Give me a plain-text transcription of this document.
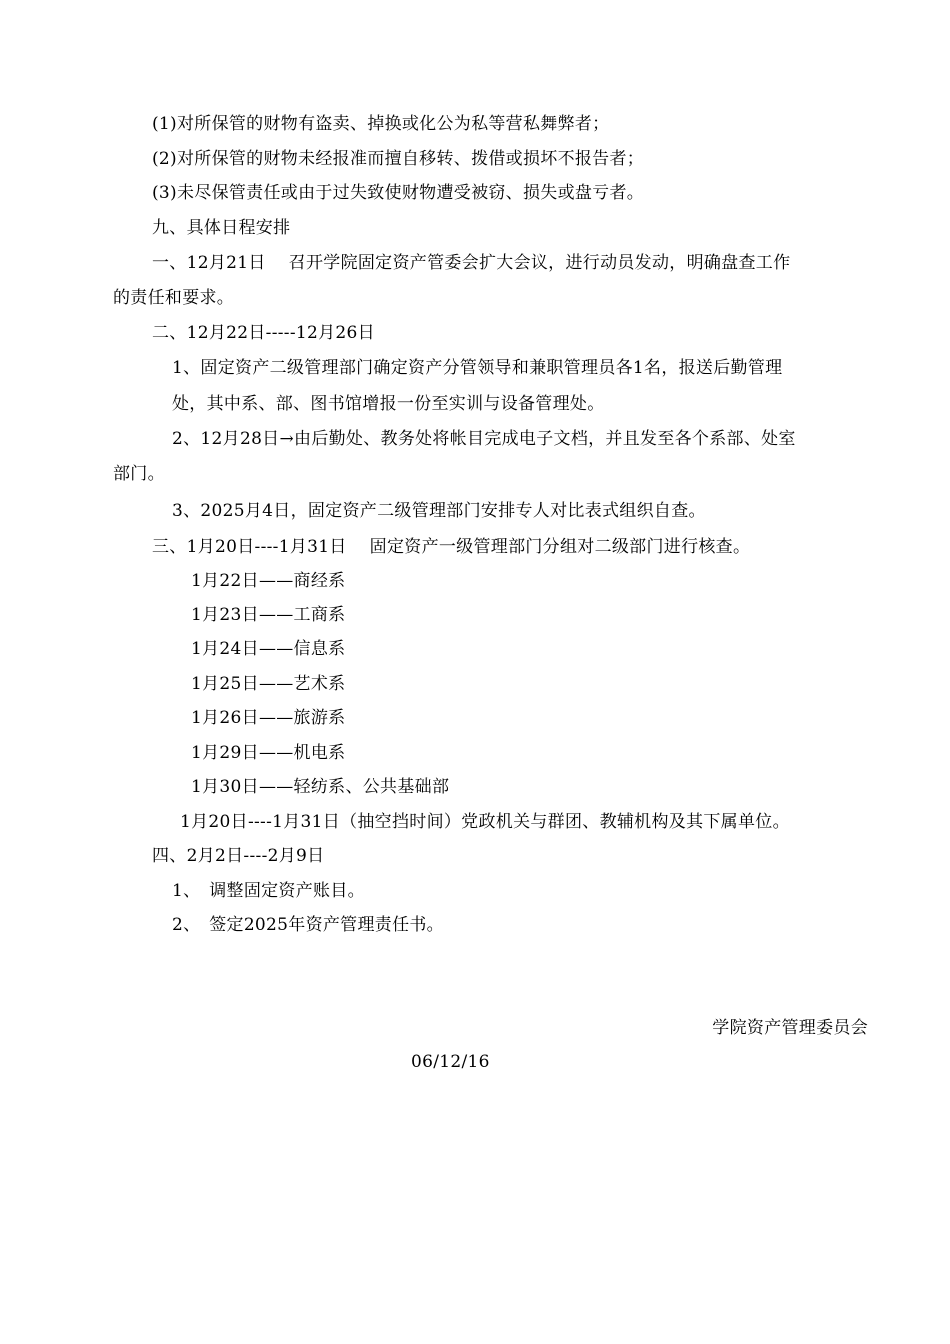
(1)对所保管的财物有盗卖、掉换或化公为私等营私舞弊者；
(2)对所保管的财物未经报准而擅自移转、拨借或损坏不报告者；
(3)未尽保管责任或由于过失致使财物遭受被窃、损失或盘亏者。
九、具体日程安排
一、12月21日　 召开学院固定资产管委会扩大会议，进行动员发动，明确盘查工作
的责任和要求。
二、12月22日-----12月26日
1、固定资产二级管理部门确定资产分管领导和兼职管理员各1名，报送后勤管理
处，其中系、部、图书馆增报一份至实训与设备管理处。
2、12月28日→由后勤处、教务处将帐目完成电子文档，并且发至各个系部、处室
部门。
3、2025月4日，固定资产二级管理部门安排专人对比表式组织自查。
三、1月20日----1月31日　 固定资产一级管理部门分组对二级部门进行核查。
1月22日——商经系
1月23日——工商系
1月24日——信息系
1月25日——艺术系
1月26日——旅游系
1月29日——机电系
1月30日——轻纺系、公共基础部
1月20日----1月31日（抽空挡时间）党政机关与群团、教辅机构及其下属单位。
四、2月2日----2月9日
1、　调整固定资产账目。
2、　签定2025年资产管理责任书。
学院资产管理委员会
06/12/16
